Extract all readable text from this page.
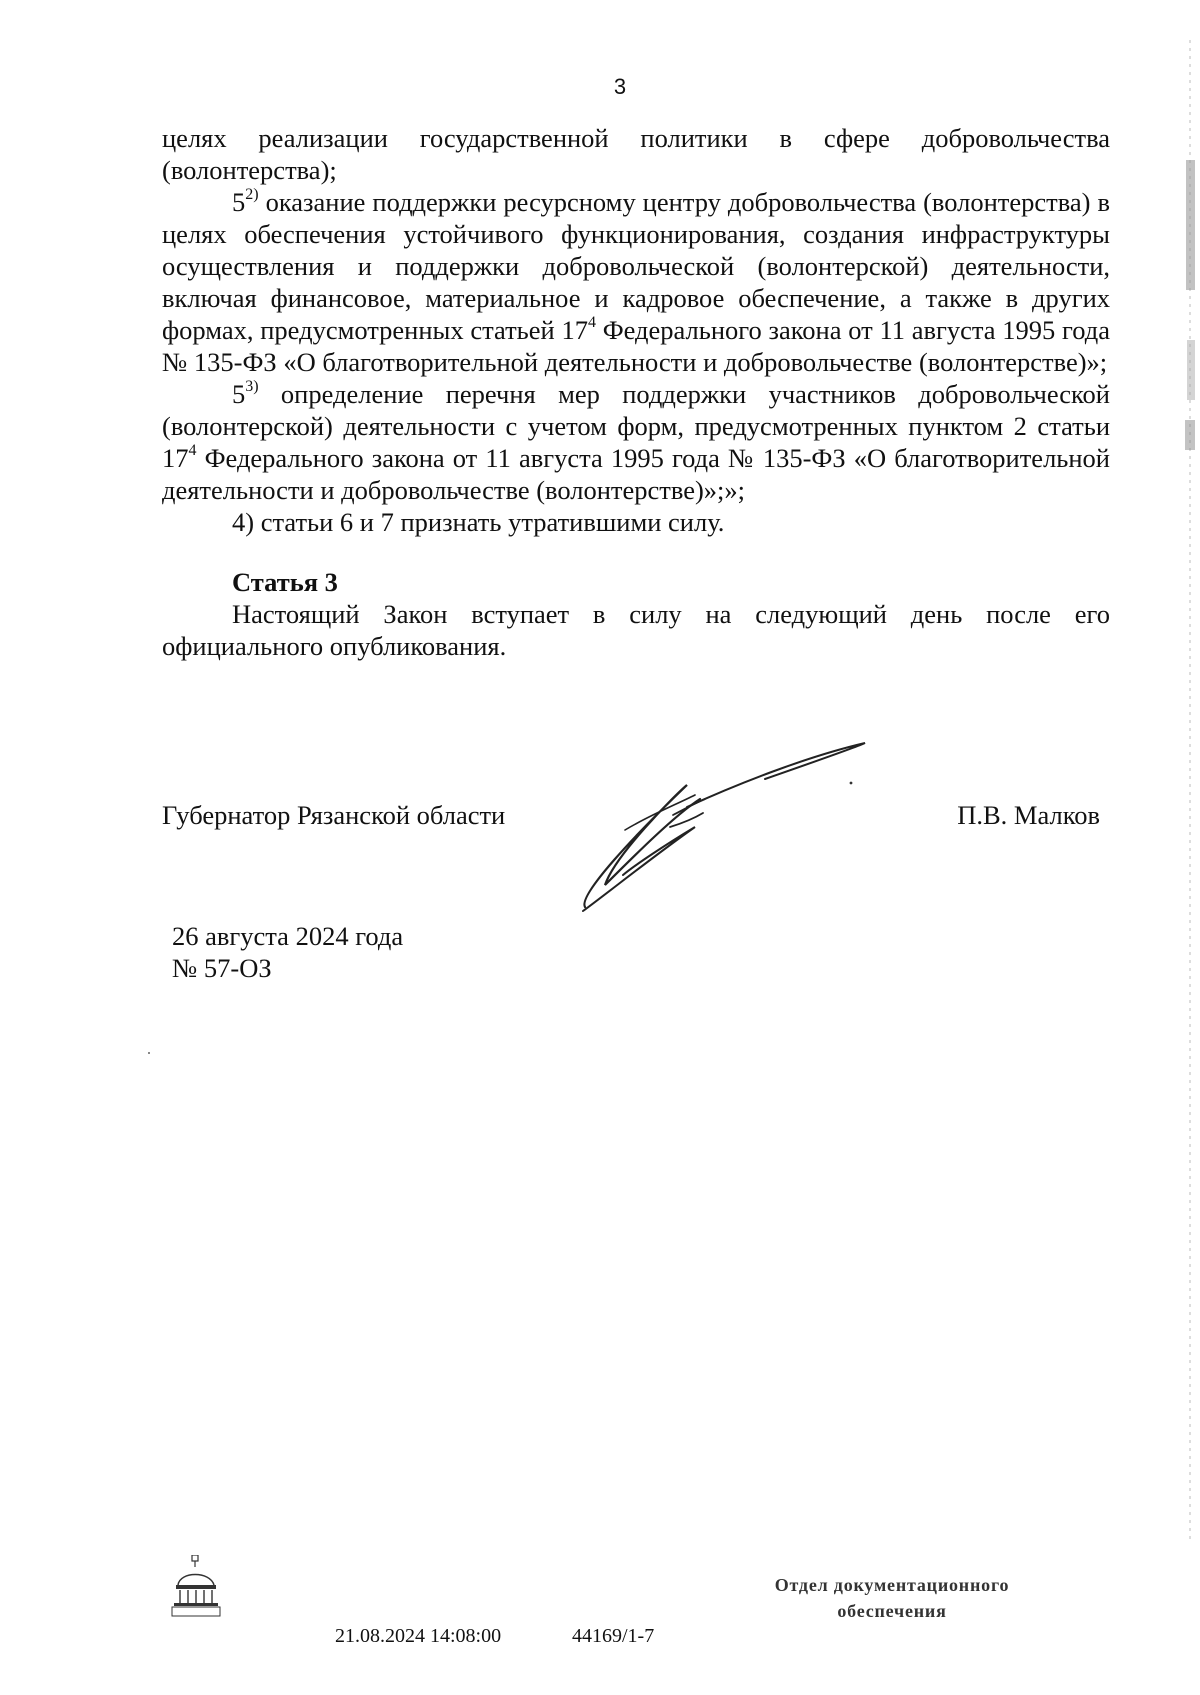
3

целях реализации государственной политики в сфере добровольчества (волонтерства);

5$^{2)}$ оказание поддержки ресурсному центру добровольчества (волонтерства) в целях обеспечения устойчивого функционирования, создания инфраструктуры осуществления и поддержки добровольческой (волонтерской) деятельности, включая финансовое, материальное и кадровое обеспечение, а также в других формах, предусмотренных статьей $17^4$ Федерального закона от 11 августа 1995 года № 135-ФЗ «О благотворительной деятельности и добровольчестве (волонтерстве)»;

5$^{3)}$ определение перечня мер поддержки участников добровольческой (волонтерской) деятельности с учетом форм, предусмотренных пунктом 2 статьи $17^4$ Федерального закона от 11 августа 1995 года № 135-ФЗ «О благотворительной деятельности и добровольчестве (волонтерстве)»;»;

4) статьи 6 и 7 признать утратившими силу.

Статья 3

Настоящий Закон вступает в силу на следующий день после его официального опубликования.

Губернатор Рязанской области	П.В. Малков
26 августа 2024 года
№ 57-ОЗ
21.08.2024 14:08:00	44169/1-7
Отдел документационного
обеспечения
